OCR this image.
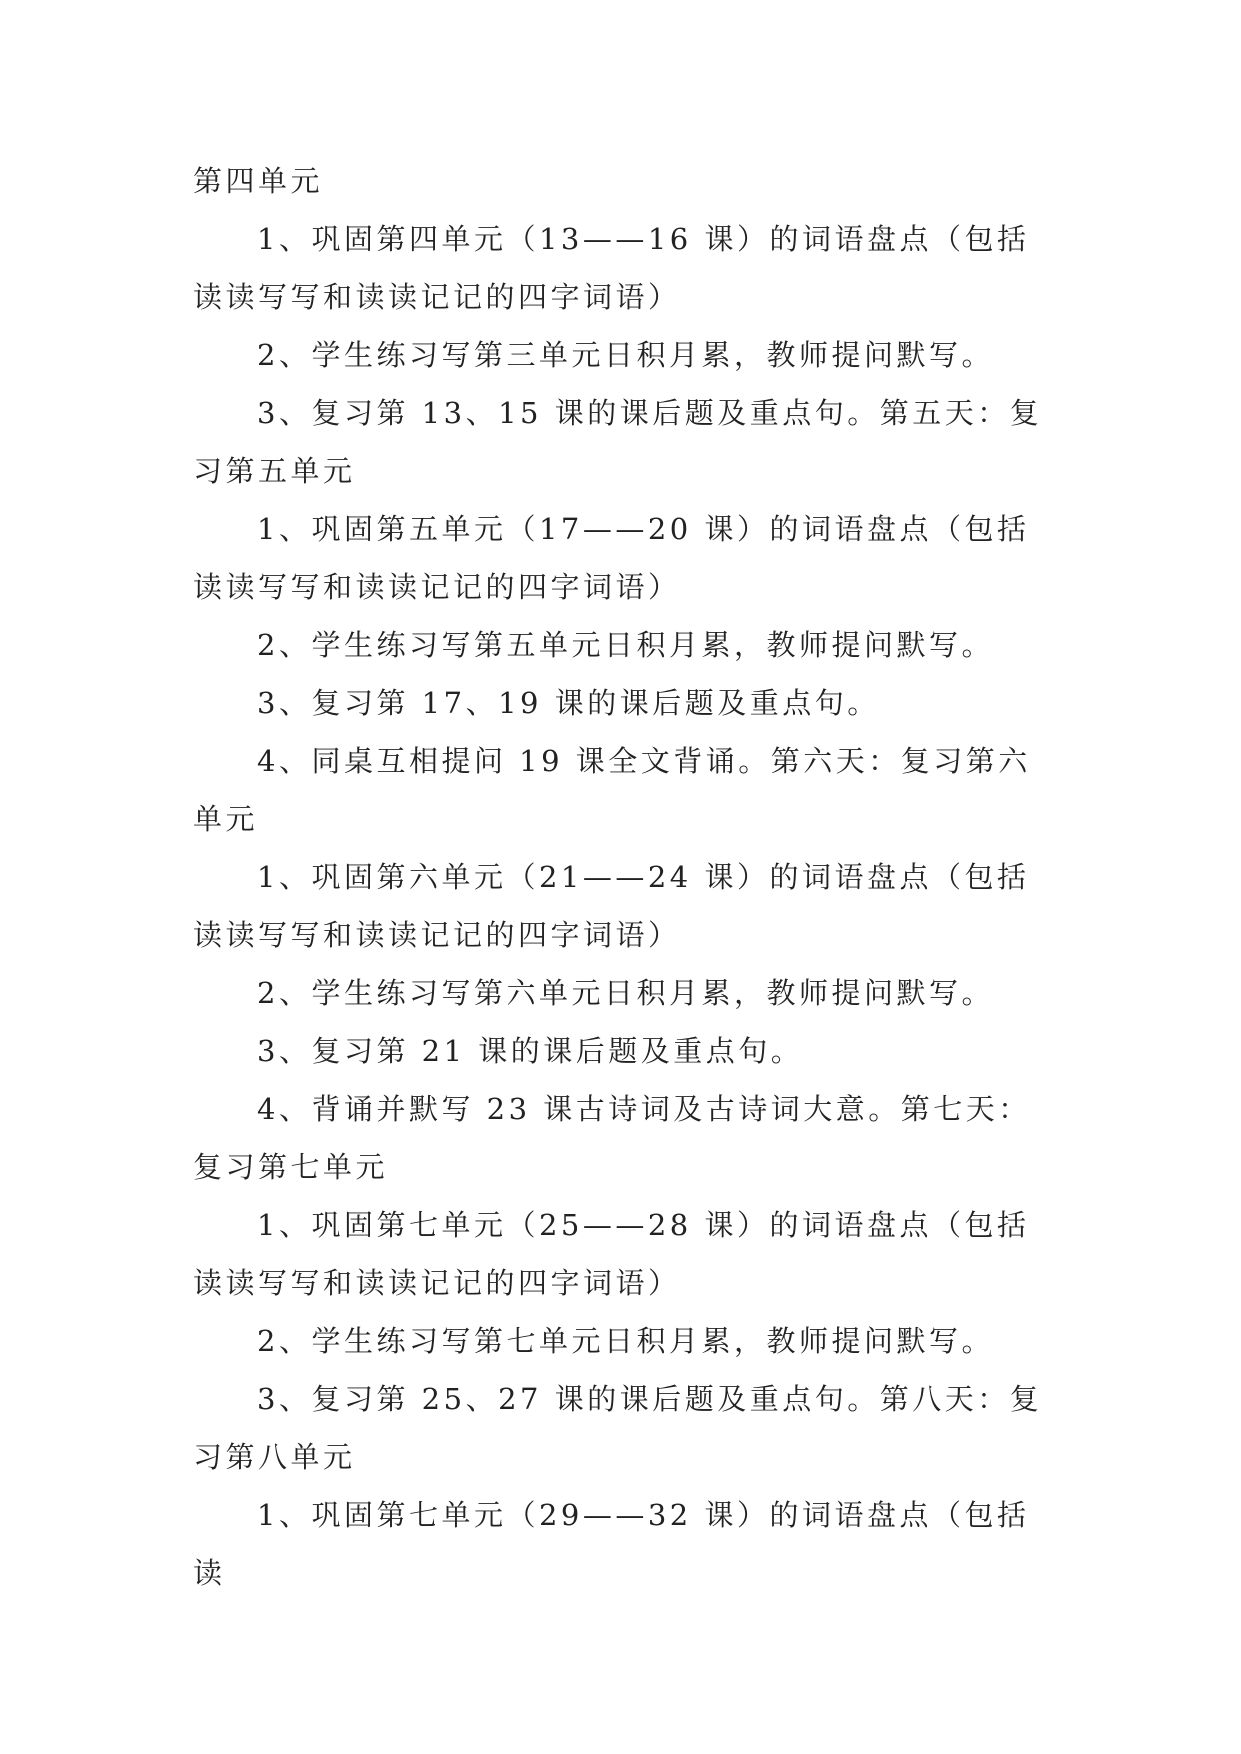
第四单元

1、巩固第四单元（13——16 课）的词语盘点（包括读读写写和读读记记的四字词语）

2、学生练习写第三单元日积月累，教师提问默写。

3、复习第 13、15 课的课后题及重点句。第五天：复习第五单元

1、巩固第五单元（17——20 课）的词语盘点（包括读读写写和读读记记的四字词语）

2、学生练习写第五单元日积月累，教师提问默写。

3、复习第 17、19 课的课后题及重点句。

4、同桌互相提问 19 课全文背诵。第六天：复习第六单元

1、巩固第六单元（21——24 课）的词语盘点（包括读读写写和读读记记的四字词语）

2、学生练习写第六单元日积月累，教师提问默写。

3、复习第 21 课的课后题及重点句。

4、背诵并默写 23 课古诗词及古诗词大意。第七天：复习第七单元

1、巩固第七单元（25——28 课）的词语盘点（包括读读写写和读读记记的四字词语）

2、学生练习写第七单元日积月累，教师提问默写。

3、复习第 25、27 课的课后题及重点句。第八天：复习第八单元

1、巩固第七单元（29——32 课）的词语盘点（包括读
